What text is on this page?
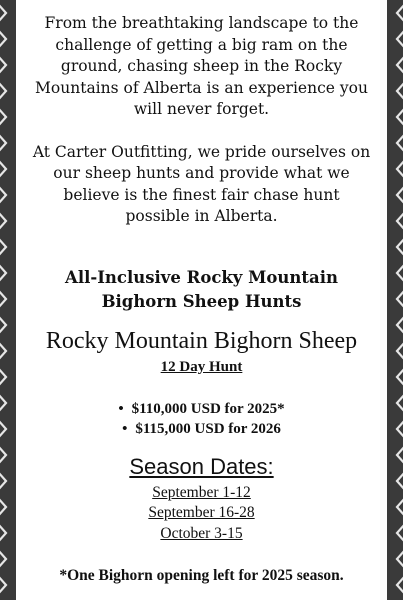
From the breathtaking landscape to the challenge of getting a big ram on the ground, chasing sheep in the Rocky Mountains of Alberta is an experience you will never forget.

At Carter Outfitting, we pride ourselves on our sheep hunts and provide what we believe is the finest fair chase hunt possible in Alberta.

All-Inclusive Rocky Mountain
Bighorn Sheep Hunts
Rocky Mountain Bighorn Sheep
12 Day Hunt
• $110,000 USD for 2025*
• $115,000 USD for 2026
Season Dates:
September 1-12
September 16-28
October 3-15
*One Bighorn opening left for 2025 season.
